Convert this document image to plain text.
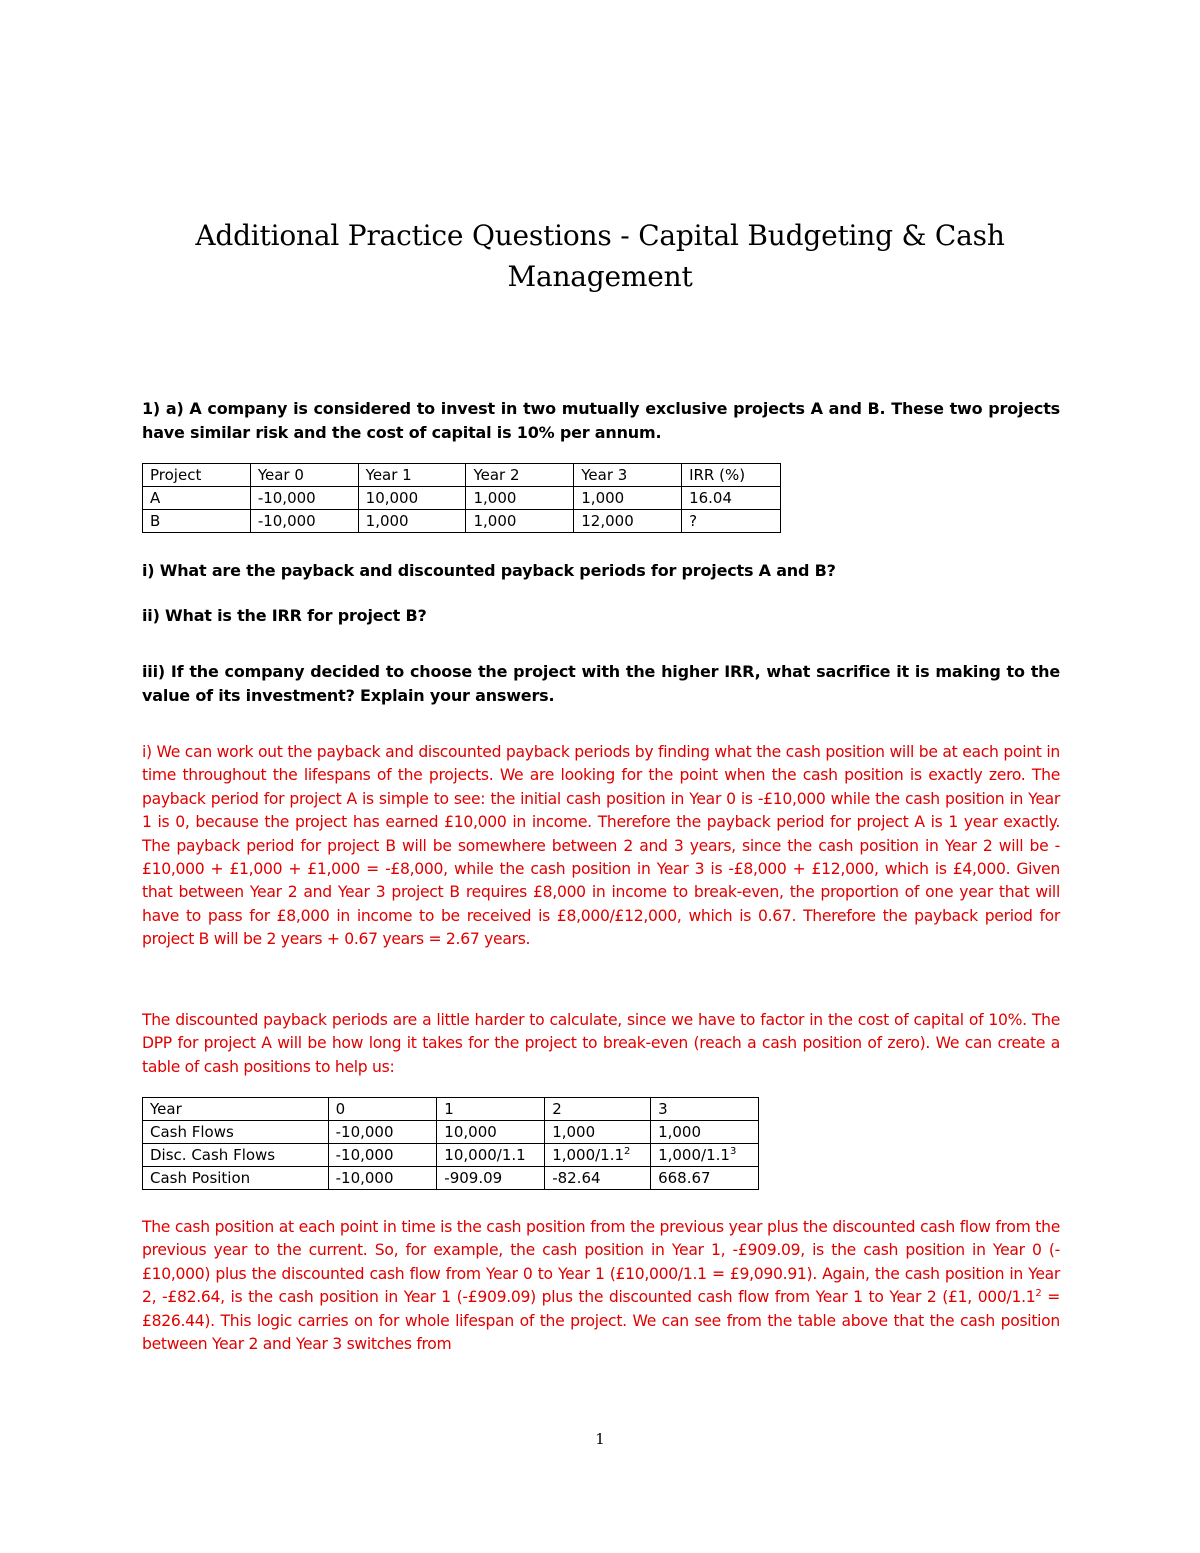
Additional Practice Questions - Capital Budgeting & Cash Management
1) a) A company is considered to invest in two mutually exclusive projects A and B. These two projects have similar risk and the cost of capital is 10% per annum.
Project	Year 0	Year 1	Year 2	Year 3	IRR (%)
A	-10,000	10,000	1,000	1,000	16.04
B	-10,000	1,000	1,000	12,000	?
i) What are the payback and discounted payback periods for projects A and B?
ii) What is the IRR for project B?
iii) If the company decided to choose the project with the higher IRR, what sacrifice it is making to the value of its investment? Explain your answers.
i) We can work out the payback and discounted payback periods by finding what the cash position will be at each point in time throughout the lifespans of the projects. We are looking for the point when the cash position is exactly zero. The payback period for project A is simple to see: the initial cash position in Year 0 is -£10,000 while the cash position in Year 1 is 0, because the project has earned £10,000 in income. Therefore the payback period for project A is 1 year exactly. The payback period for project B will be somewhere between 2 and 3 years, since the cash position in Year 2 will be -£10,000 + £1,000 + £1,000 = -£8,000, while the cash position in Year 3 is -£8,000 + £12,000, which is £4,000. Given that between Year 2 and Year 3 project B requires £8,000 in income to break-even, the proportion of one year that will have to pass for £8,000 in income to be received is £8,000/£12,000, which is 0.67. Therefore the payback period for project B will be 2 years + 0.67 years = 2.67 years.
The discounted payback periods are a little harder to calculate, since we have to factor in the cost of capital of 10%. The DPP for project A will be how long it takes for the project to break-even (reach a cash position of zero). We can create a table of cash positions to help us:
Year	0	1	2	3
Cash Flows	-10,000	10,000	1,000	1,000
Disc. Cash Flows	-10,000	10,000/1.1	$1,000/1.1^2$	$1,000/1.1^3$
Cash Position	-10,000	-909.09	-82.64	668.67
The cash position at each point in time is the cash position from the previous year plus the discounted cash flow from the previous year to the current. So, for example, the cash position in Year 1, -£909.09, is the cash position in Year 0 (-£10,000) plus the discounted cash flow from Year 0 to Year 1 (£10,000/1.1 = £9,090.91). Again, the cash position in Year 2, -£82.64, is the cash position in Year 1 (-£909.09) plus the discounted cash flow from Year 1 to Year 2 (£1, $000/1.1^2$ = £826.44). This logic carries on for whole lifespan of the project. We can see from the table above that the cash position between Year 2 and Year 3 switches from
1
